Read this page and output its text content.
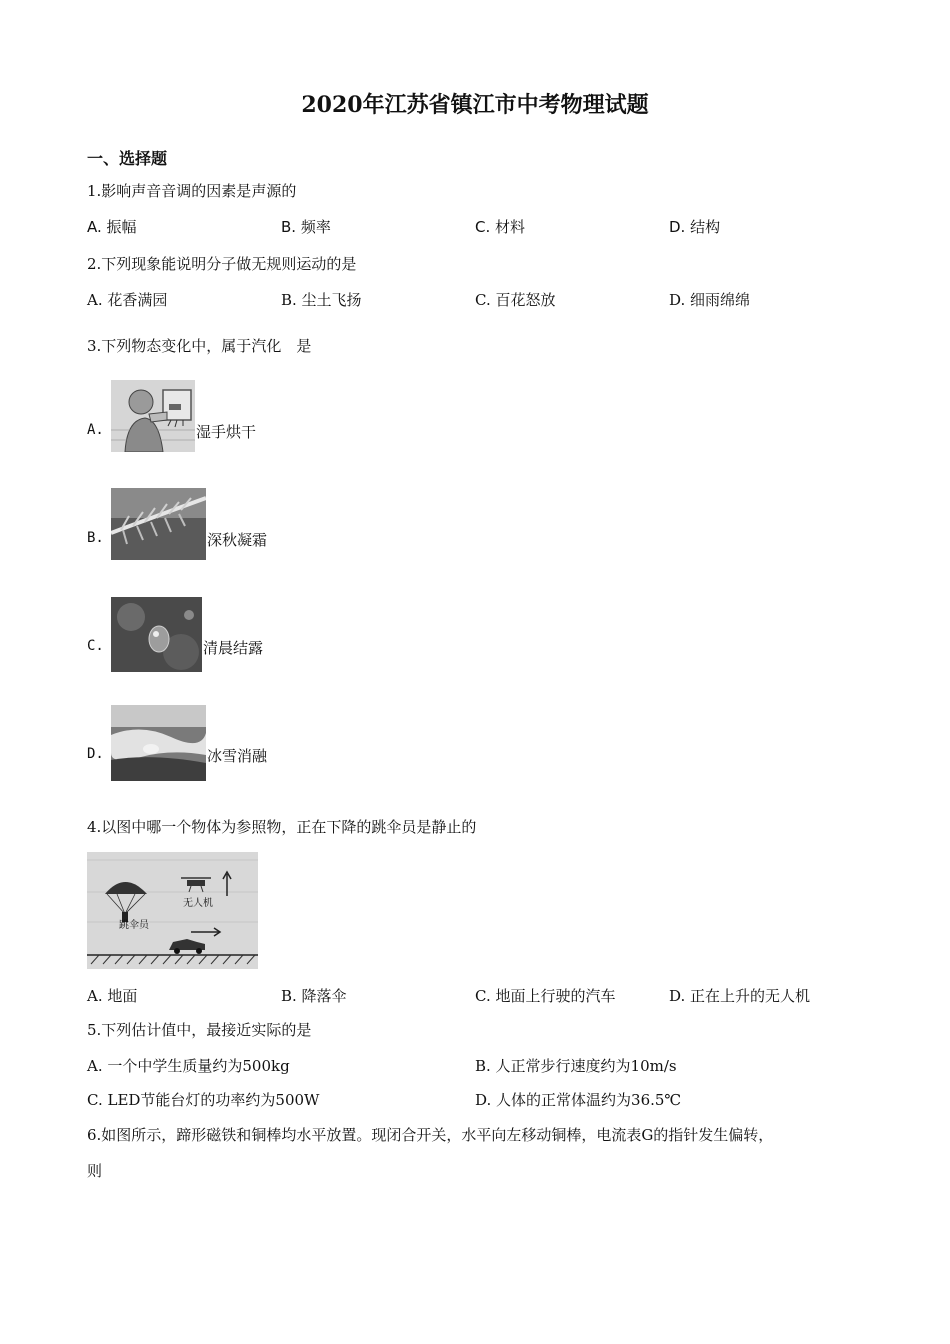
2020年江苏省镇江市中考物理试题
一、选择题
1.影响声音音调的因素是声源的
A. 振幅	B. 频率	C. 材料	D. 结构
2.下列现象能说明分子做无规则运动的是
A. 花香满园	B. 尘土飞扬	C. 百花怒放	D. 细雨绵绵
3.下列物态变化中，属于汽化　是
A.	湿手烘干
B.	深秋凝霜
C.	清晨结露
D.	冰雪消融
4.以图中哪一个物体为参照物，正在下降的跳伞员是静止的
无人机
跳伞员
A. 地面	B. 降落伞	C. 地面上行驶的汽车	D. 正在上升的无人机
5.下列估计值中，最接近实际的是
A. 一个中学生质量约为500kg	B. 人正常步行速度约为10m/s
C. LED节能台灯的功率约为500W	D. 人体的正常体温约为36.5℃
6.如图所示，蹄形磁铁和铜棒均水平放置。现闭合开关，水平向左移动铜棒，电流表G的指针发生偏转，
则
